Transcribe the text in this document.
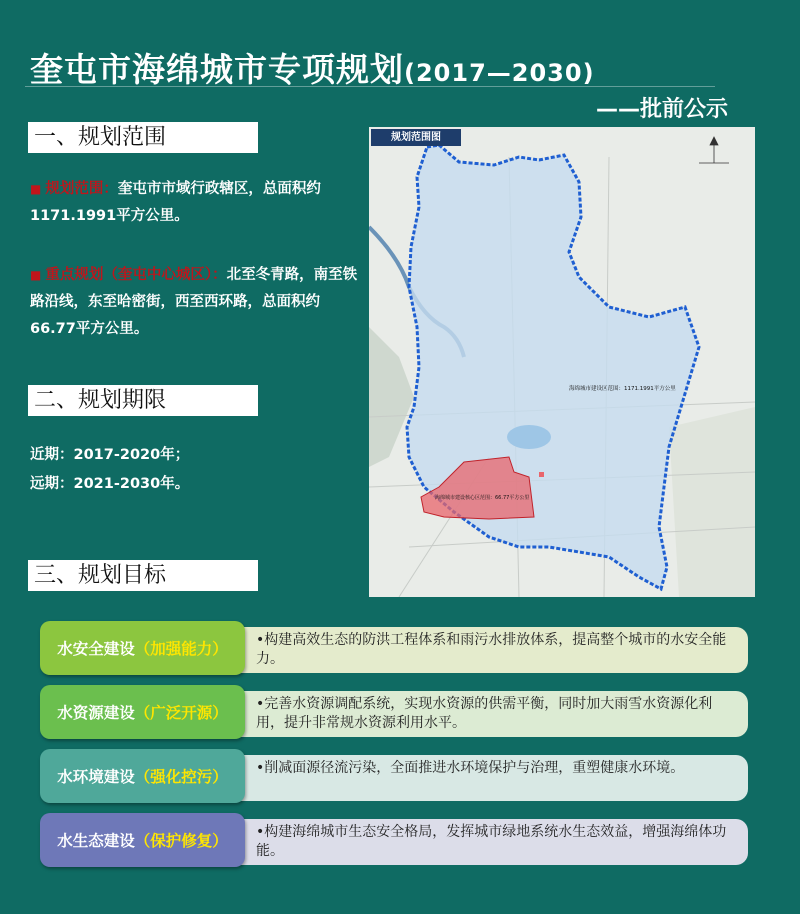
奎屯市海绵城市专项规划(2017—2030)
——批前公示
一、规划范围
■ 规划范围：奎屯市市域行政辖区，总面积约1171.1991平方公里。
■ 重点规划（奎屯中心城区）：北至冬青路，南至铁路沿线，东至哈密街，西至西环路，总面积约66.77平方公里。
二、规划期限
近期：2017-2020年；
远期：2021-2030年。
三、规划目标
•构建高效生态的防洪工程体系和雨污水排放体系，提高整个城市的水安全能力。
水安全建设 （加强能力）
•完善水资源调配系统，实现水资源的供需平衡，同时加大雨雪水资源化利用，提升非常规水资源利用水平。
水资源建设 （广泛开源）
•削减面源径流污染，全面推进水环境保护与治理，重塑健康水环境。
水环境建设 （强化控污）
•构建海绵城市生态安全格局，发挥城市绿地系统水生态效益，增强海绵体功能。
水生态建设 （保护修复）
海绵城市建设区范围：1171.1991平方公里
海绵城市建设核心区范围：66.77平方公里
规划范围图
